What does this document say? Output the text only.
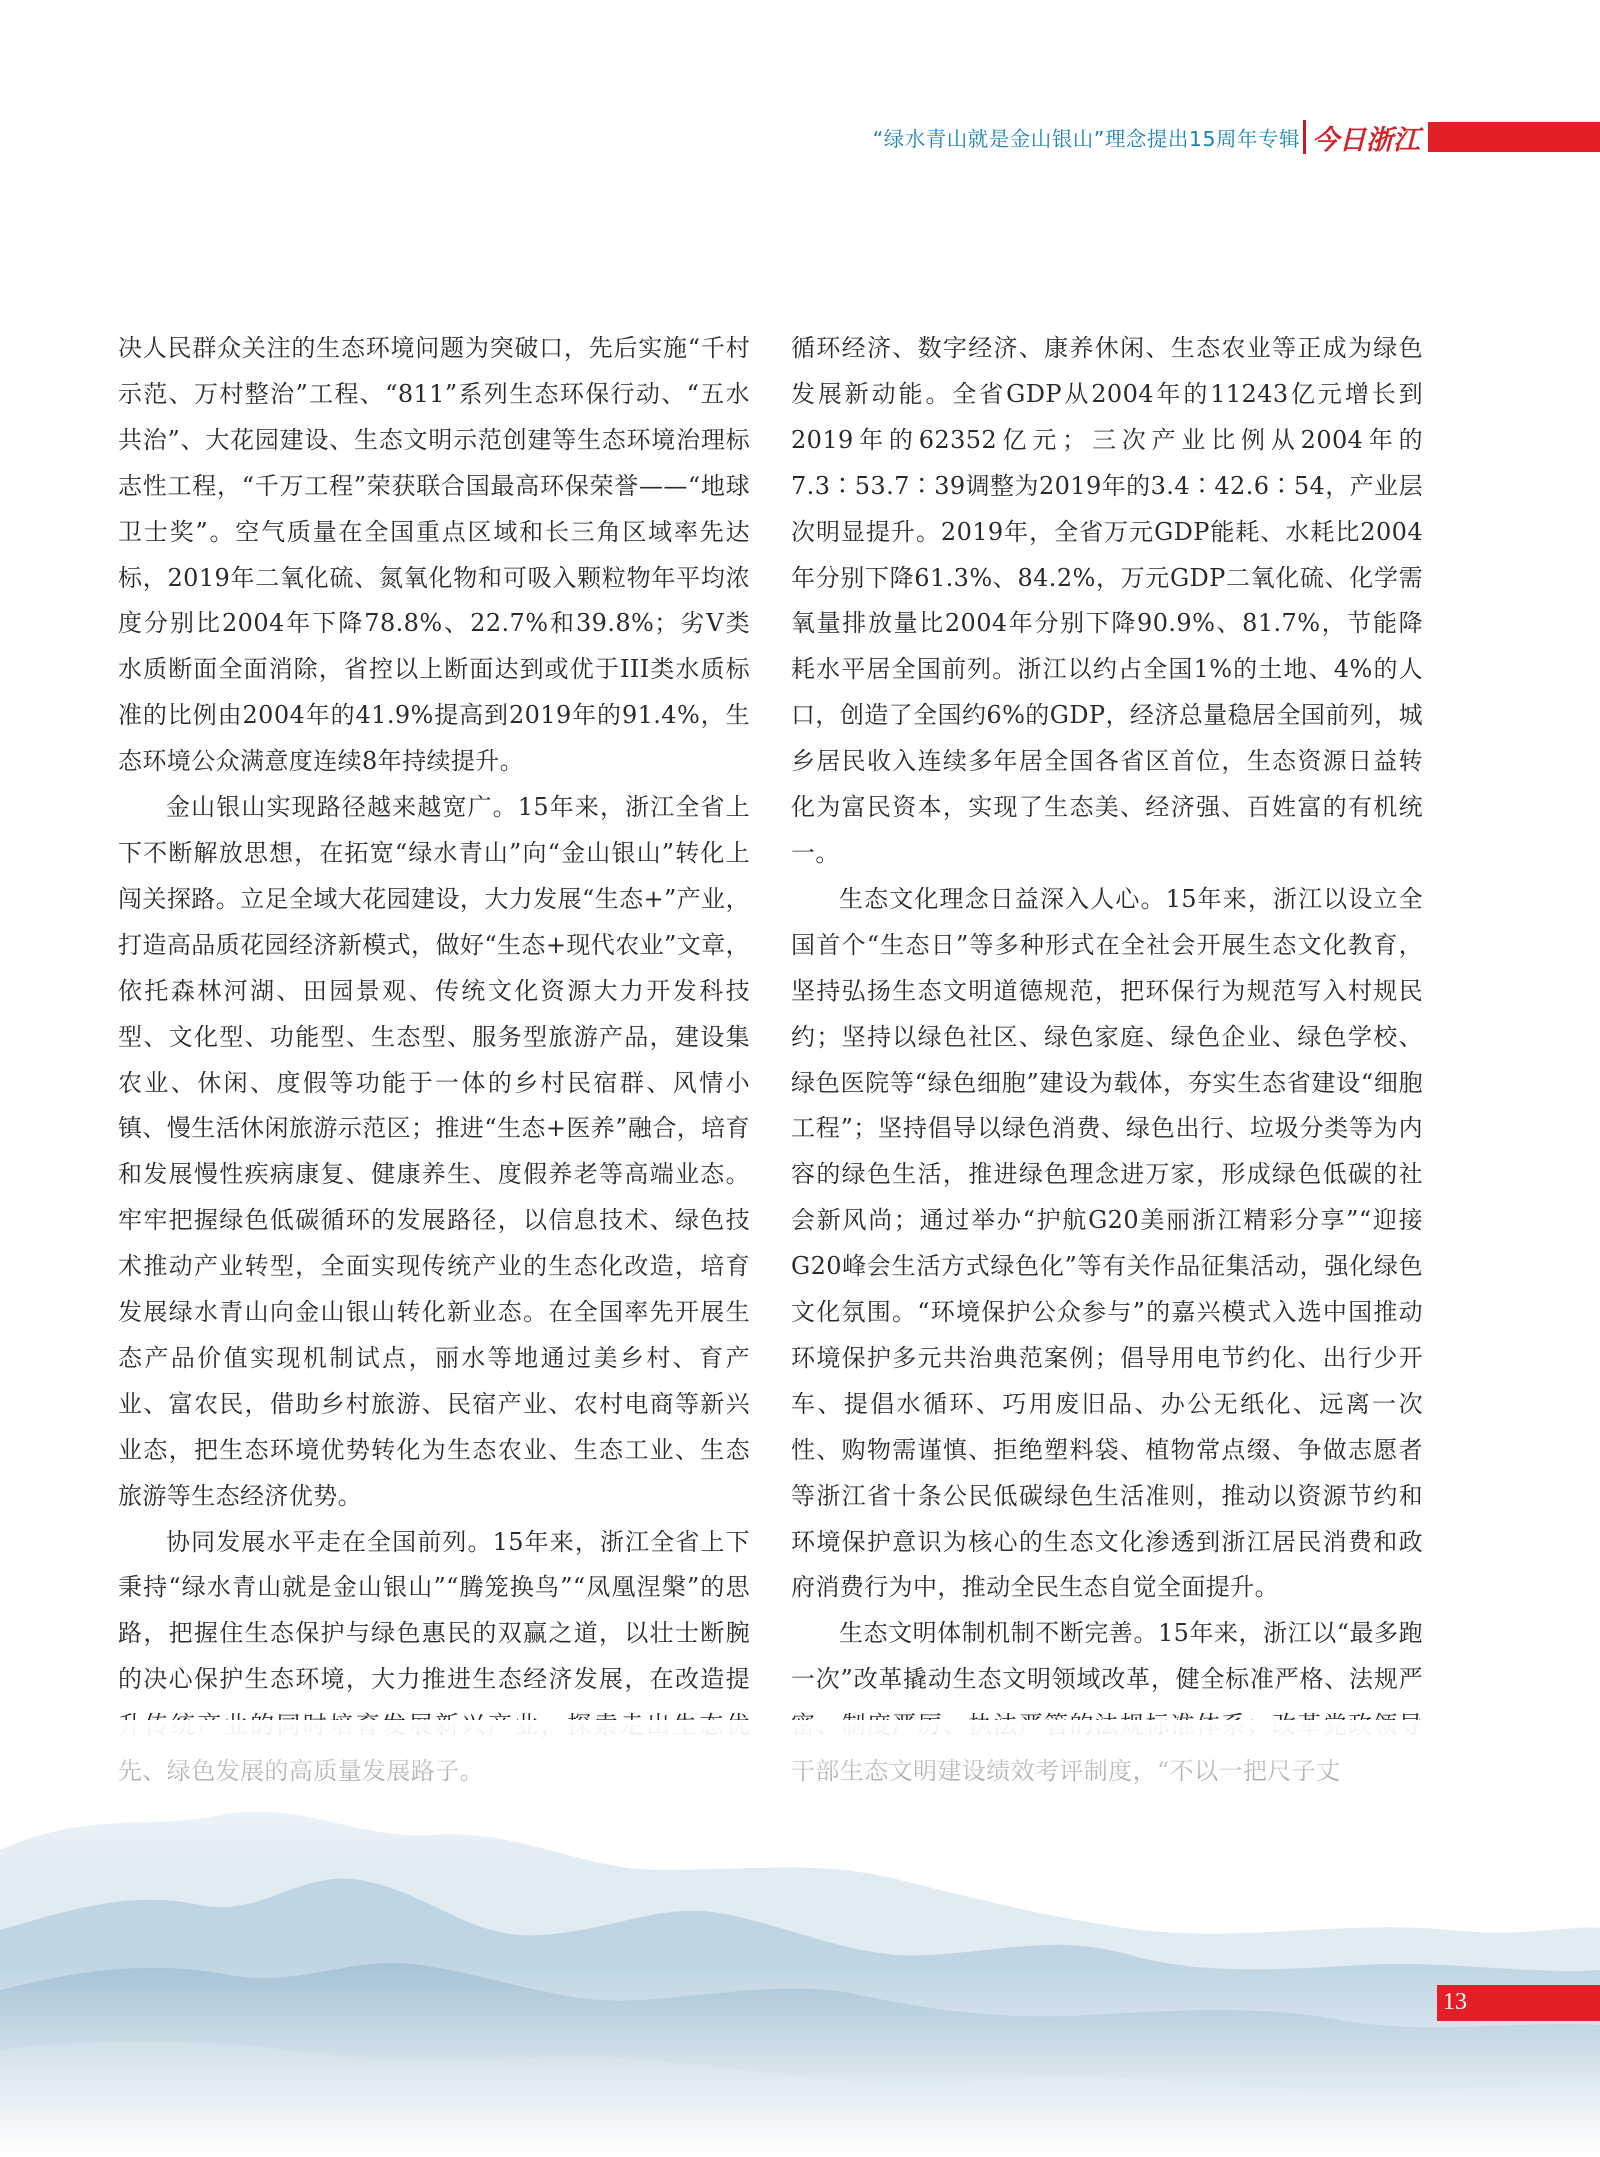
“绿水青山就是金山银山”理念提出15周年专辑 今日浙江

决人民群众关注的生态环境问题为突破口，先后实施“千村示范、万村整治”工程、“811”系列生态环保行动、“五水共治”、大花园建设、生态文明示范创建等生态环境治理标志性工程，“千万工程”荣获联合国最高环保荣誉——“地球卫士奖”。空气质量在全国重点区域和长三角区域率先达标，2019年二氧化硫、氮氧化物和可吸入颗粒物年平均浓度分别比2004年下降78.8%、22.7%和39.8%；劣V类水质断面全面消除，省控以上断面达到或优于III类水质标准的比例由2004年的41.9%提高到2019年的91.4%，生态环境公众满意度连续8年持续提升。

金山银山实现路径越来越宽广。15年来，浙江全省上下不断解放思想，在拓宽“绿水青山”向“金山银山”转化上闯关探路。立足全域大花园建设，大力发展“生态+”产业，打造高品质花园经济新模式，做好“生态+现代农业”文章，依托森林河湖、田园景观、传统文化资源大力开发科技型、文化型、功能型、生态型、服务型旅游产品，建设集农业、休闲、度假等功能于一体的乡村民宿群、风情小镇、慢生活休闲旅游示范区；推进“生态+医养”融合，培育和发展慢性疾病康复、健康养生、度假养老等高端业态。牢牢把握绿色低碳循环的发展路径，以信息技术、绿色技术推动产业转型，全面实现传统产业的生态化改造，培育发展绿水青山向金山银山转化新业态。在全国率先开展生态产品价值实现机制试点，丽水等地通过美乡村、育产业、富农民，借助乡村旅游、民宿产业、农村电商等新兴业态，把生态环境优势转化为生态农业、生态工业、生态旅游等生态经济优势。

协同发展水平走在全国前列。15年来，浙江全省上下秉持“绿水青山就是金山银山”“腾笼换鸟”“凤凰涅槃”的思路，把握住生态保护与绿色惠民的双赢之道，以壮士断腕的决心保护生态环境，大力推进生态经济发展，在改造提

循环经济、数字经济、康养休闲、生态农业等正成为绿色发展新动能。全省GDP从2004年的11243亿元增长到2019年的62352亿元；三次产业比例从2004年的7.3∶53.7∶39调整为2019年的3.4∶42.6∶54，产业层次明显提升。2019年，全省万元GDP能耗、水耗比2004年分别下降61.3%、84.2%，万元GDP二氧化硫、化学需氧量排放量比2004年分别下降90.9%、81.7%，节能降耗水平居全国前列。浙江以约占全国1%的土地、4%的人口，创造了全国约6%的GDP，经济总量稳居全国前列，城乡居民收入连续多年居全国各省区首位，生态资源日益转化为富民资本，实现了生态美、经济强、百姓富的有机统一。

生态文化理念日益深入人心。15年来，浙江以设立全国首个“生态日”等多种形式在全社会开展生态文化教育，坚持弘扬生态文明道德规范，把环保行为规范写入村规民约；坚持以绿色社区、绿色家庭、绿色企业、绿色学校、绿色医院等“绿色细胞”建设为载体，夯实生态省建设“细胞工程”；坚持倡导以绿色消费、绿色出行、垃圾分类等为内容的绿色生活，推进绿色理念进万家，形成绿色低碳的社会新风尚；通过举办“护航G20美丽浙江精彩分享”“迎接G20峰会生活方式绿色化”等有关作品征集活动，强化绿色文化氛围。“环境保护公众参与”的嘉兴模式入选中国推动环境保护多元共治典范案例；倡导用电节约化、出行少开车、提倡水循环、巧用废旧品、办公无纸化、远离一次性、购物需谨慎、拒绝塑料袋、植物常点缀、争做志愿者等浙江省十条公民低碳绿色生活准则，推动以资源节约和环境保护意识为核心的生态文化渗透到浙江居民消费和政府消费行为中，推动全民生态自觉全面提升。

生态文明体制机制不断完善。15年来，浙江以“最多跑一次”改革撬动生态文明领域改革，健全标准严格、法规严

13
